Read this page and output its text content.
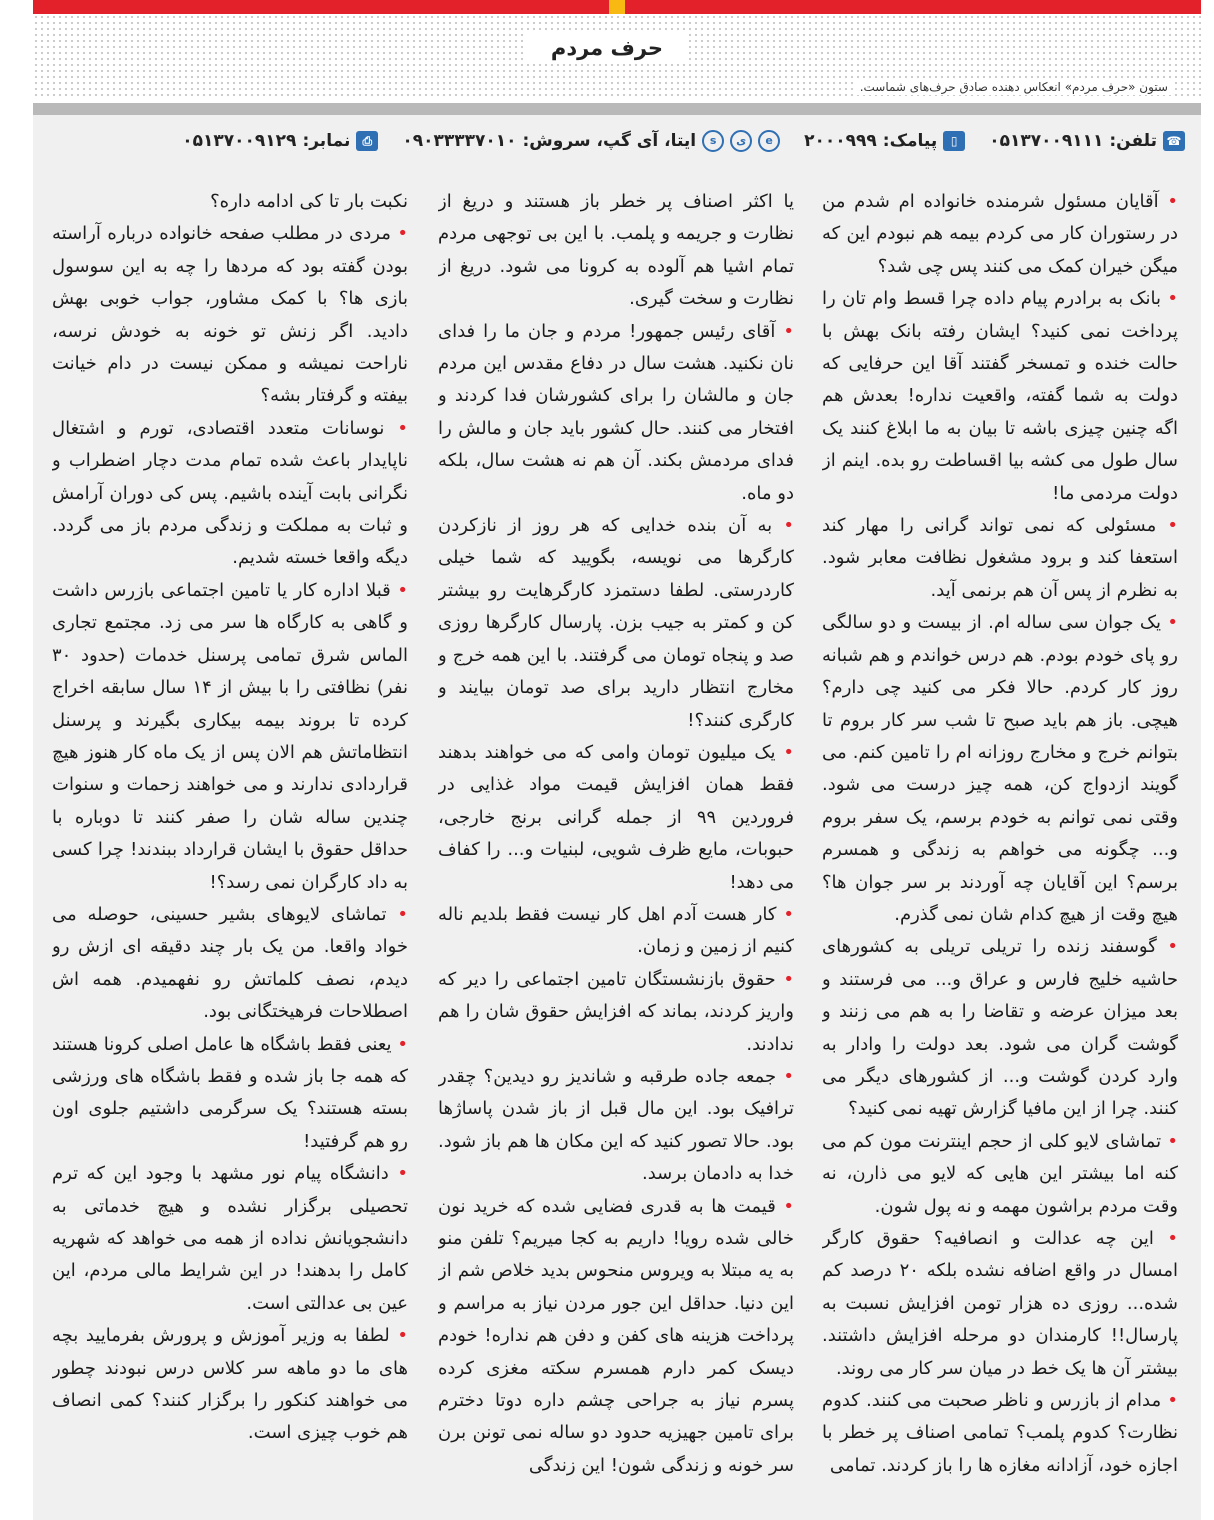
حرف مردم
ستون «حرف مردم» انعکاس دهنده صادق حرف‌های شماست.
☎
تلفن:
۰۵۱۳۷۰۰۹۱۱۱
▯
پیامک:
۲۰۰۰۹۹۹
e
ی
s
ایتا، آی گپ، سروش:
۰۹۰۳۳۳۳۷۰۱۰
⎙
نمابر:
۰۵۱۳۷۰۰۹۱۲۹

• آقایان مسئول شرمنده خانواده ام شدم من در رستوران کار می کردم بیمه هم نبودم این که میگن خیران کمک می کنند پس چی شد؟

• بانک به برادرم پیام داده چرا قسط وام تان را پرداخت نمی کنید؟ ایشان رفته بانک بهش با حالت خنده و تمسخر گفتند آقا این حرفایی که دولت به شما گفته، واقعیت نداره! بعدش هم اگه چنین چیزی باشه تا بیان به ما ابلاغ کنند یک سال طول می کشه بیا اقساطت رو بده. اینم از دولت مردمی ما!

• مسئولی که نمی تواند گرانی را مهار کند استعفا کند و برود مشغول نظافت معابر شود. به نظرم از پس آن هم برنمی آید.

• یک جوان سی ساله ام. از بیست و دو سالگی رو پای خودم بودم. هم درس خواندم و هم شبانه روز کار کردم. حالا فکر می کنید چی دارم؟ هیچی. باز هم باید صبح تا شب سر کار بروم تا بتوانم خرج و مخارج روزانه ام را تامین کنم. می گویند ازدواج کن، همه چیز درست می شود. وقتی نمی توانم به خودم برسم، یک سفر بروم و... چگونه می خواهم به زندگی و همسرم برسم؟ این آقایان چه آوردند بر سر جوان ها؟ هیچ وقت از هیچ کدام شان نمی گذرم.

• گوسفند زنده را تریلی تریلی به کشورهای حاشیه خلیج فارس و عراق و... می فرستند و بعد میزان عرضه و تقاضا را به هم می زنند و گوشت گران می شود. بعد دولت را وادار به وارد کردن گوشت و... از کشورهای دیگر می کنند. چرا از این مافیا گزارش تهیه نمی کنید؟

• تماشای لایو کلی از حجم اینترنت مون کم می کنه اما بیشتر این هایی که لایو می ذارن، نه وقت مردم براشون مهمه و نه پول شون.

• این چه عدالت و انصافیه؟ حقوق کارگر امسال در واقع اضافه نشده بلکه ۲۰ درصد کم شده... روزی ده هزار تومن افزایش نسبت به پارسال!! کارمندان دو مرحله افزایش داشتند. بیشتر آن ها یک خط در میان سر کار می روند.

• مدام از بازرس و ناظر صحبت می کنند. کدوم نظارت؟ کدوم پلمب؟ تمامی اصناف پر خطر با اجازه خود، آزادانه مغازه ها را باز کردند. تمامی

یا اکثر اصناف پر خطر باز هستند و دریغ از نظارت و جریمه و پلمب. با این بی توجهی مردم تمام اشیا هم آلوده به کرونا می شود. دریغ از نظارت و سخت گیری.

• آقای رئیس جمهور! مردم و جان ما را فدای نان نکنید. هشت سال در دفاع مقدس این مردم جان و مالشان را برای کشورشان فدا کردند و افتخار می کنند. حال کشور باید جان و مالش را فدای مردمش بکند. آن هم نه هشت سال، بلکه دو ماه.

• به آن بنده خدایی که هر روز از نازکردن کارگرها می نویسه، بگویید که شما خیلی کاردرستی. لطفا دستمزد کارگرهایت رو بیشتر کن و کمتر به جیب بزن. پارسال کارگرها روزی صد و پنجاه تومان می گرفتند. با این همه خرج و مخارج انتظار دارید برای صد تومان بیایند و کارگری کنند؟!

• یک میلیون تومان وامی که می خواهند بدهند فقط همان افزایش قیمت مواد غذایی در فروردین ۹۹ از جمله گرانی برنج خارجی، حبوبات، مایع ظرف شویی، لبنیات و... را کفاف می دهد!

• کار هست آدم اهل کار نیست فقط بلدیم ناله کنیم از زمین و زمان.

• حقوق بازنشستگان تامین اجتماعی را دیر که واریز کردند، بماند که افزایش حقوق شان را هم ندادند.

• جمعه جاده طرقبه و شاندیز رو دیدین؟ چقدر ترافیک بود. این مال قبل از باز شدن پاساژها بود. حالا تصور کنید که این مکان ها هم باز شود. خدا به دادمان برسد.

• قیمت ها به قدری فضایی شده که خرید نون خالی شده رویا! داریم به کجا میریم؟ تلفن منو به یه مبتلا به ویروس منحوس بدید خلاص شم از این دنیا. حداقل این جور مردن نیاز به مراسم و پرداخت هزینه های کفن و دفن هم نداره! خودم دیسک کمر دارم همسرم سکته مغزی کرده پسرم نیاز به جراحی چشم داره دوتا دخترم برای تامین جهیزیه حدود دو ساله نمی تونن برن سر خونه و زندگی شون! این زندگی

نکبت بار تا کی ادامه داره؟

• مردی در مطلب صفحه خانواده درباره آراسته بودن گفته بود که مردها را چه به این سوسول بازی ها؟ با کمک مشاور، جواب خوبی بهش دادید. اگر زنش تو خونه به خودش نرسه، ناراحت نمیشه و ممکن نیست در دام خیانت بیفته و گرفتار بشه؟

• نوسانات متعدد اقتصادی، تورم و اشتغال ناپایدار باعث شده تمام مدت دچار اضطراب و نگرانی بابت آینده باشیم. پس کی دوران آرامش و ثبات به مملکت و زندگی مردم باز می گردد. دیگه واقعا خسته شدیم.

• قبلا اداره کار یا تامین اجتماعی بازرس داشت و گاهی به کارگاه ها سر می زد. مجتمع تجاری الماس شرق تمامی پرسنل خدمات (حدود ۳۰ نفر) نظافتی را با بیش از ۱۴ سال سابقه اخراج کرده تا بروند بیمه بیکاری بگیرند و پرسنل انتظاماتش هم الان پس از یک ماه کار هنوز هیچ قراردادی ندارند و می خواهند زحمات و سنوات چندین ساله شان را صفر کنند تا دوباره با حداقل حقوق با ایشان قرارداد ببندند! چرا کسی به داد کارگران نمی رسد؟!

• تماشای لایوهای بشیر حسینی، حوصله می خواد واقعا. من یک بار چند دقیقه ای ازش رو دیدم، نصف کلماتش رو نفهمیدم. همه اش اصطلاحات فرهیختگانی بود.

• یعنی فقط باشگاه ها عامل اصلی کرونا هستند که همه جا باز شده و فقط باشگاه های ورزشی بسته هستند؟ یک سرگرمی داشتیم جلوی اون رو هم گرفتید!

• دانشگاه پیام نور مشهد با وجود این که ترم تحصیلی برگزار نشده و هیچ خدماتی به دانشجویانش نداده از همه می خواهد که شهریه کامل را بدهند! در این شرایط مالی مردم، این عین بی عدالتی است.

• لطفا به وزیر آموزش و پرورش بفرمایید بچه های ما دو ماهه سر کلاس درس نبودند چطور می خواهند کنکور را برگزار کنند؟ کمی انصاف هم خوب چیزی است.
